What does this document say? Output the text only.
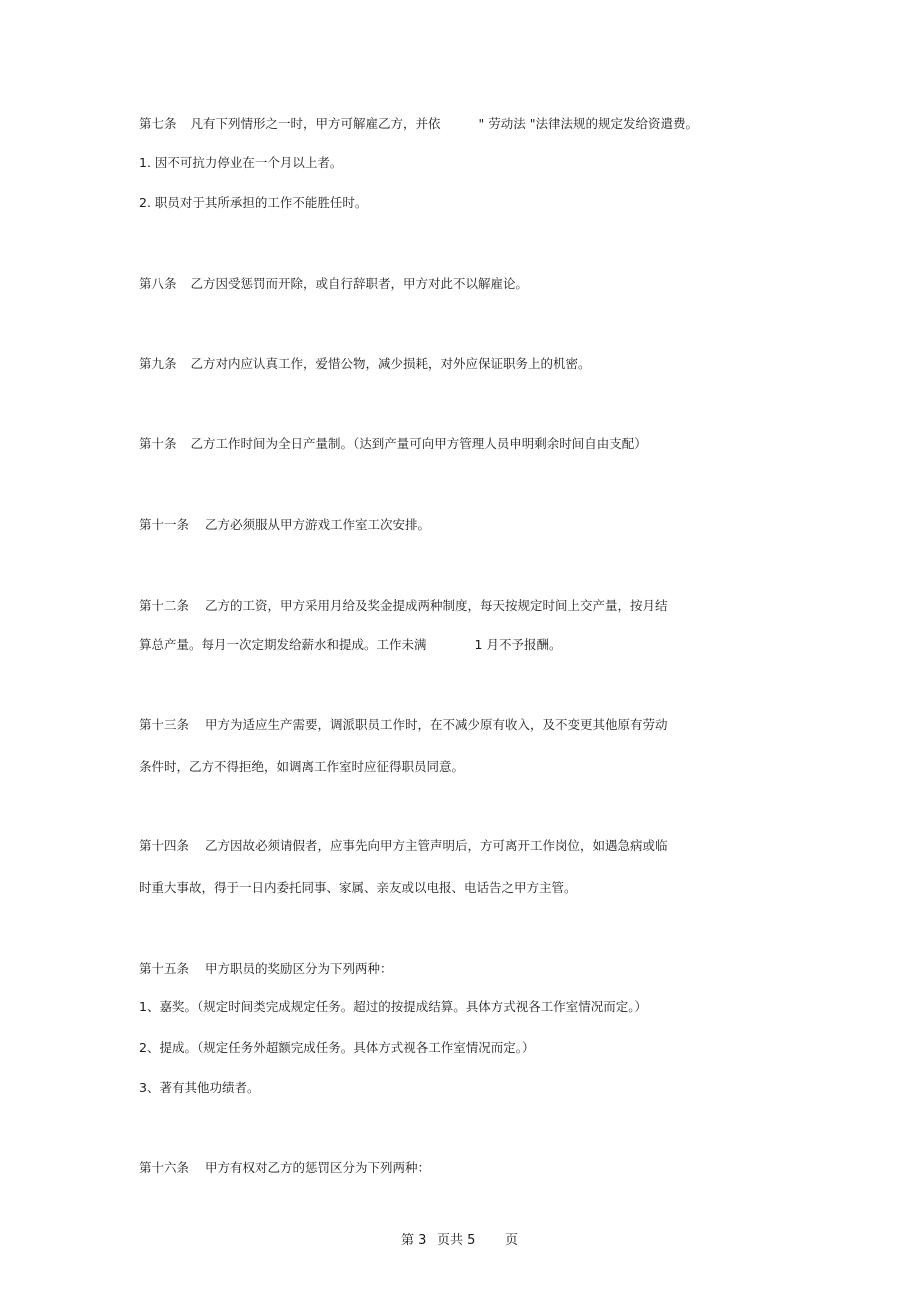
第七条 凡有下列情形之一时，甲方可解雇乙方，并依	" 劳动法 "法律法规的规定发给资遣费。
1. 因不可抗力停业在一个月以上者。
2. 职员对于其所承担的工作不能胜任时。
第八条 乙方因受惩罚而开除，或自行辞职者，甲方对此不以解雇论。
第九条 乙方对内应认真工作，爱惜公物，减少损耗，对外应保证职务上的机密。
第十条 乙方工作时间为全日产量制。（达到产量可向甲方管理人员申明剩余时间自由支配）
第十一条 乙方必须服从甲方游戏工作室工次安排。
第十二条 乙方的工资，甲方采用月给及奖金提成两种制度，每天按规定时间上交产量，按月结
算总产量。每月一次定期发给薪水和提成。工作未满	1 月不予报酬。
第十三条 甲方为适应生产需要，调派职员工作时，在不减少原有收入，及不变更其他原有劳动
条件时，乙方不得拒绝，如调离工作室时应征得职员同意。
第十四条 乙方因故必须请假者，应事先向甲方主管声明后，方可离开工作岗位，如遇急病或临
时重大事故，得于一日内委托同事、家属、亲友或以电报、电话告之甲方主管。
第十五条 甲方职员的奖励区分为下列两种：
1、嘉奖。（规定时间类完成规定任务。超过的按提成结算。具体方式视各工作室情况而定。）
2、提成。（规定任务外超额完成任务。具体方式视各工作室情况而定。）
3、著有其他功绩者。
第十六条 甲方有权对乙方的惩罚区分为下列两种：
第 3 页共 5 页
